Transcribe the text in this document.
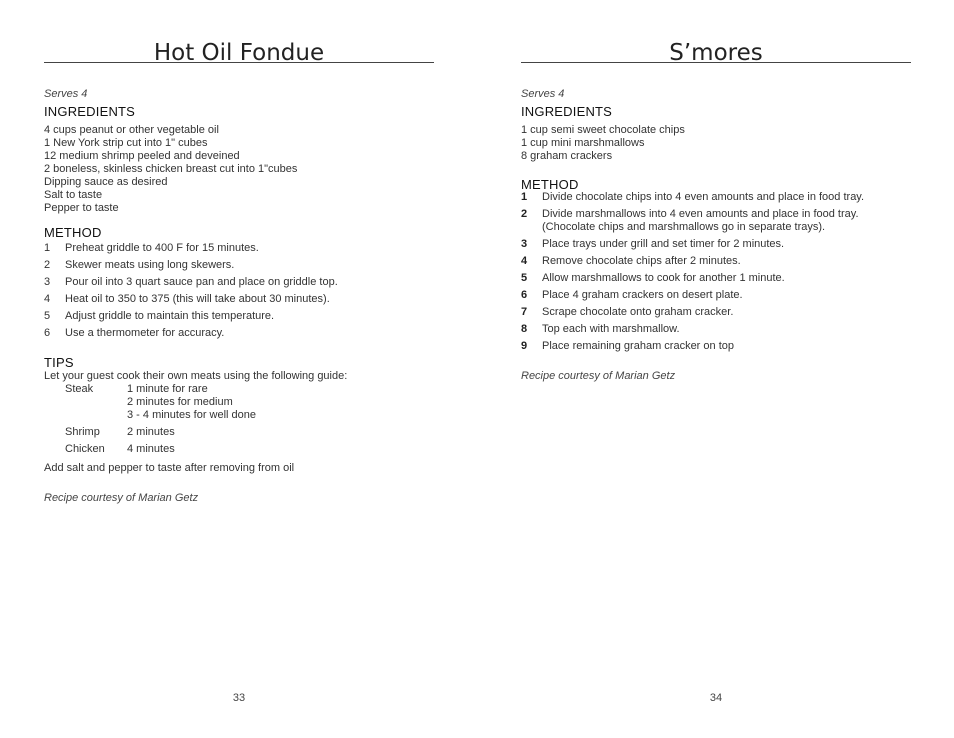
Hot Oil Fondue
Serves 4
INGREDIENTS
4 cups peanut or other vegetable oil
1 New York strip cut into 1" cubes
12 medium shrimp peeled and deveined
2 boneless, skinless chicken breast cut into 1"cubes
Dipping sauce as desired
Salt to taste
Pepper to taste
METHOD
1	Preheat griddle to 400 F for 15 minutes.
2	Skewer meats using long skewers.
3	Pour oil into 3 quart sauce pan and place on griddle top.
4	Heat oil to 350 to 375 (this will take about 30 minutes).
5	Adjust griddle to maintain this temperature.
6	Use a thermometer for accuracy.
TIPS
Let your guest cook their own meats using the following guide:
Steak	1 minute for rare
2 minutes for medium
3 - 4 minutes for well done
Shrimp	2 minutes
Chicken	4 minutes
Add salt and pepper to taste after removing from oil
Recipe courtesy of Marian Getz
33
S’mores
Serves 4
INGREDIENTS
1 cup semi sweet chocolate chips
1 cup mini marshmallows
8 graham crackers
METHOD
1	Divide chocolate chips into 4 even amounts and place in food tray.
2	Divide marshmallows into 4 even amounts and place in food tray. (Chocolate chips and marshmallows go in separate trays).
3	Place trays under grill and set timer for 2 minutes.
4	Remove chocolate chips after 2 minutes.
5	Allow marshmallows to cook for another 1 minute.
6	Place 4 graham crackers on desert plate.
7	Scrape chocolate onto graham cracker.
8	Top each with marshmallow.
9	Place remaining graham cracker on top
Recipe courtesy of Marian Getz
34
